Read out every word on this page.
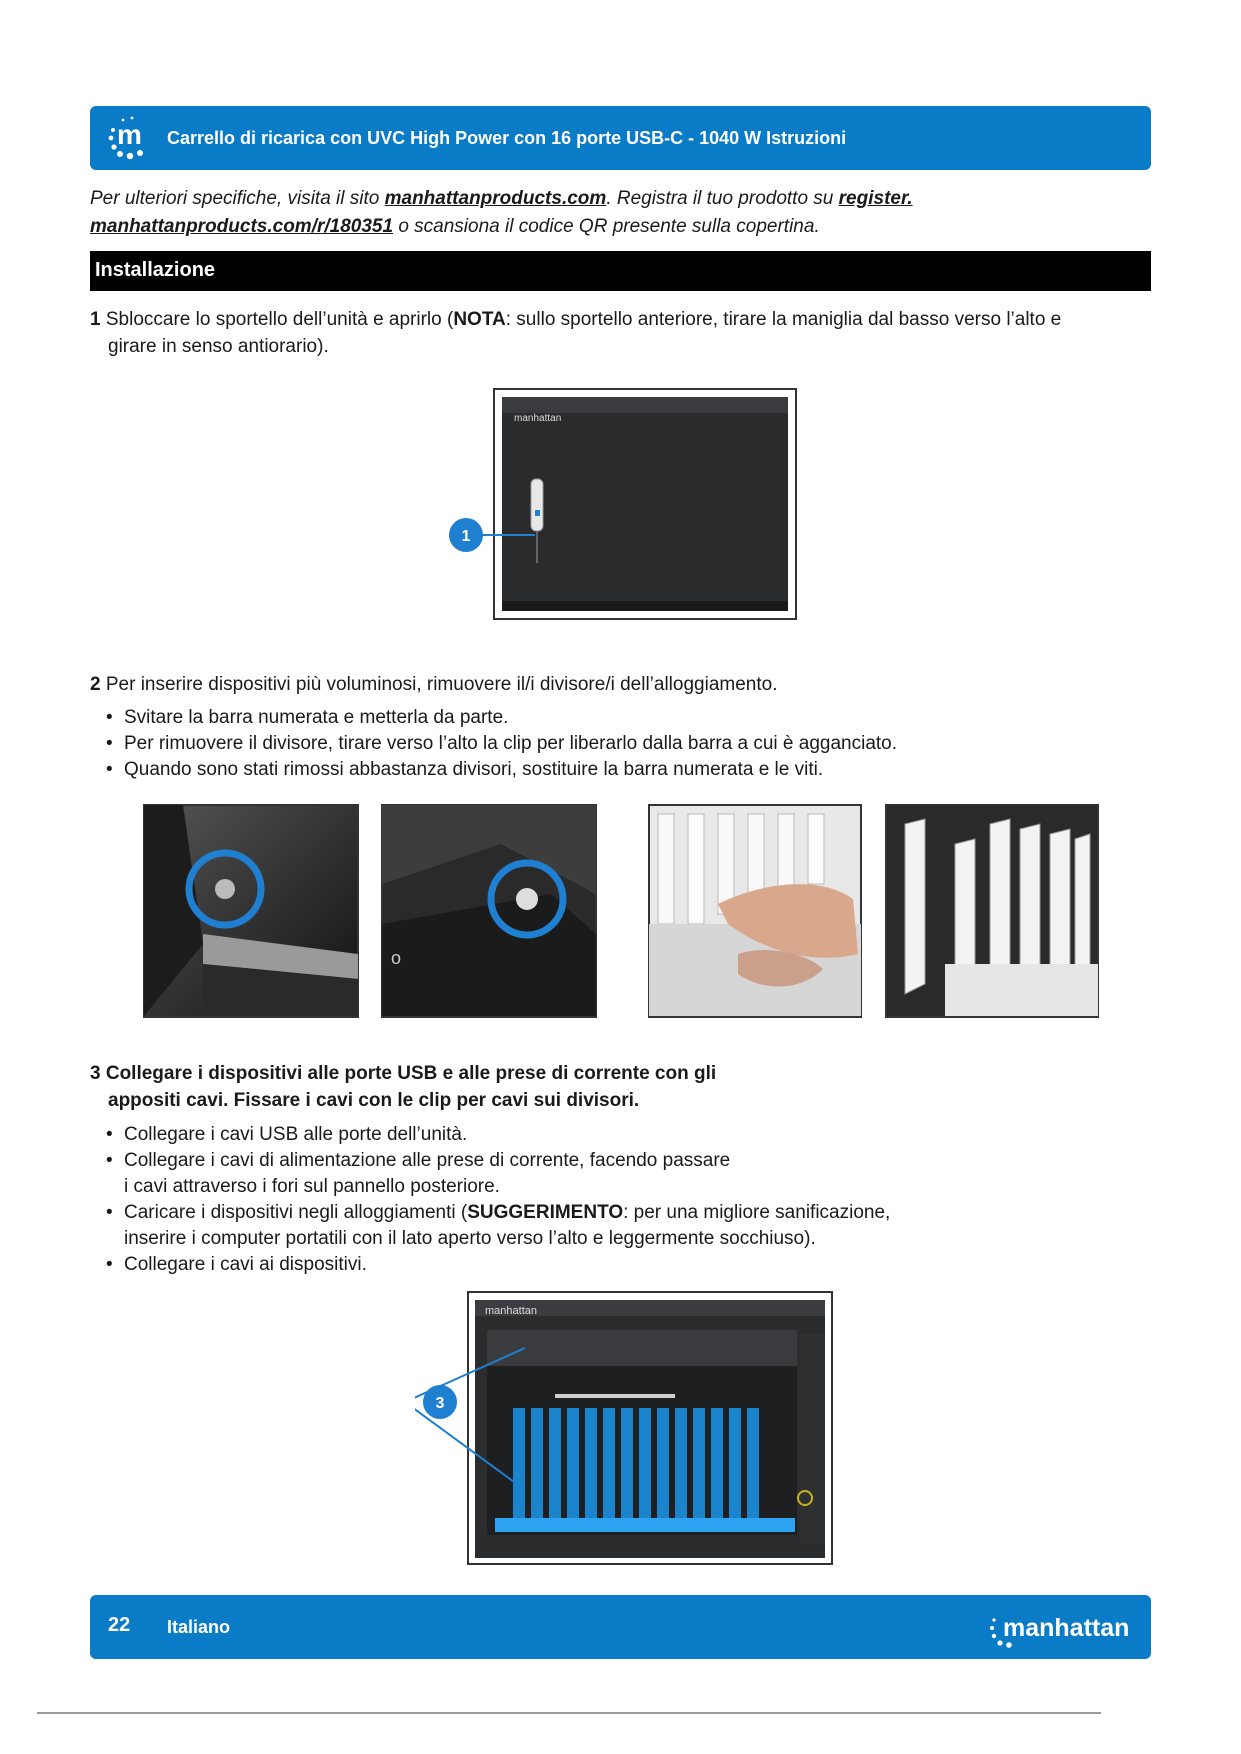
m Carrello di ricarica con UVC High Power con 16 porte USB-C - 1040 W Istruzioni
Per ulteriori specifiche, visita il sito manhattanproducts.com. Registra il tuo prodotto su register.
manhattanproducts.com/r/180351 o scansiona il codice QR presente sulla copertina.
Installazione
1 Sbloccare lo sportello dell’unità e aprirlo (NOTA: sullo sportello anteriore, tirare la maniglia dal basso verso l’alto e
girare in senso antiorario).
manhattan
1
2 Per inserire dispositivi più voluminosi, rimuovere il/i divisore/i dell’alloggiamento.
• Svitare la barra numerata e metterla da parte.
• Per rimuovere il divisore, tirare verso l’alto la clip per liberarlo dalla barra a cui è agganciato.
• Quando sono stati rimossi abbastanza divisori, sostituire la barra numerata e le viti.
o
3 Collegare i dispositivi alle porte USB e alle prese di corrente con gli
appositi cavi. Fissare i cavi con le clip per cavi sui divisori.
• Collegare i cavi USB alle porte dell’unità.
• Collegare i cavi di alimentazione alle prese di corrente, facendo passare
i cavi attraverso i fori sul pannello posteriore.
• Caricare i dispositivi negli alloggiamenti (SUGGERIMENTO: per una migliore sanificazione,
inserire i computer portatili con il lato aperto verso l’alto e leggermente socchiuso).
• Collegare i cavi ai dispositivi.
manhattan
3
22 Italiano	manhattan
